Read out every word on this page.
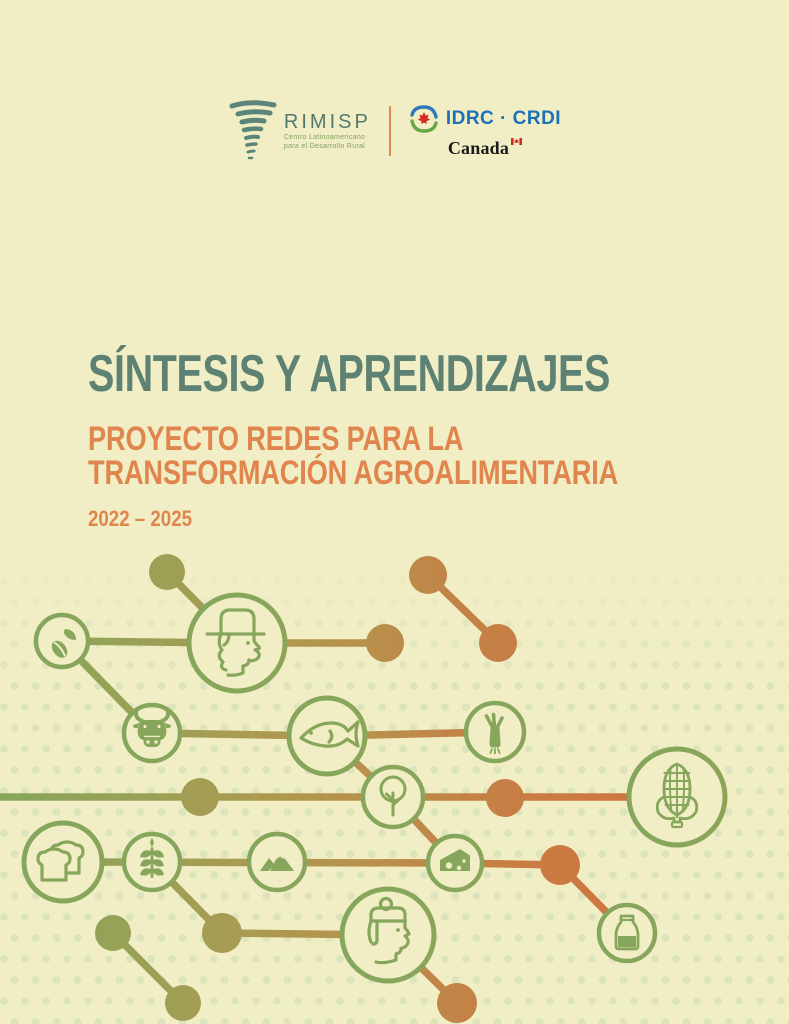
RIMISP
Centro Latinoamericano
para el Desarrollo Rural
IDRC · CRDI
Canada
SÍNTESIS Y APRENDIZAJES
PROYECTO REDES PARA LA
TRANSFORMACIÓN AGROALIMENTARIA
2022 – 2025
